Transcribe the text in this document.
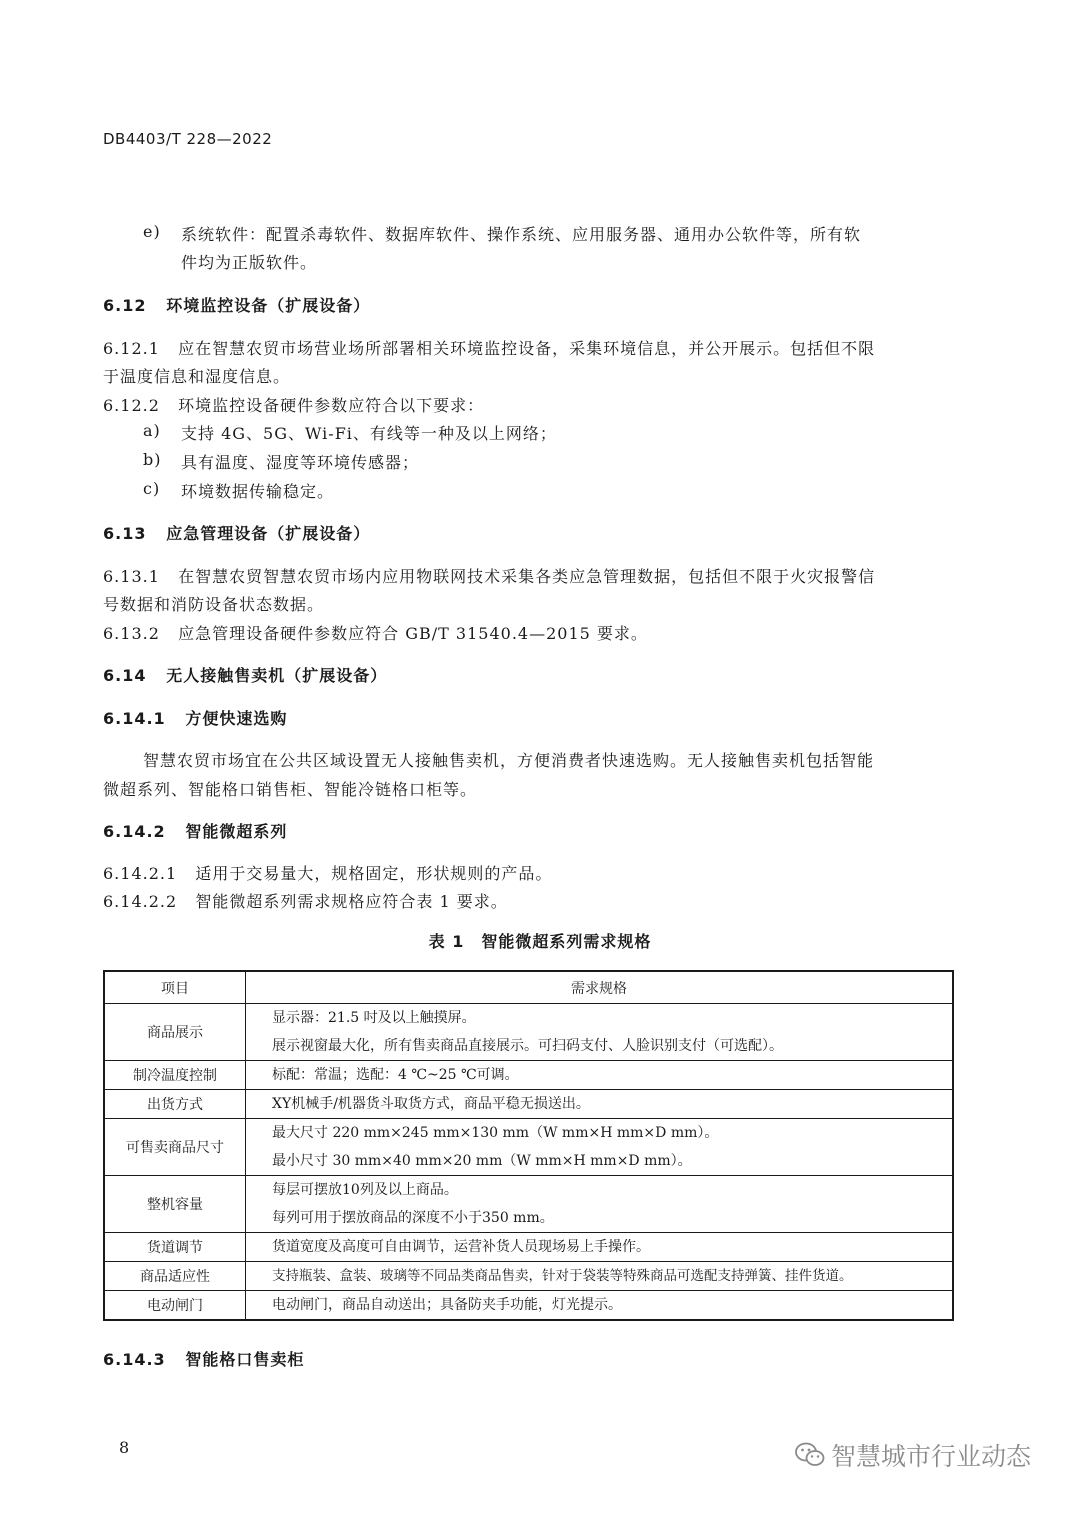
DB4403/T 228—2022
e) 系统软件：配置杀毒软件、数据库软件、操作系统、应用服务器、通用办公软件等，所有软
件均为正版软件。
6.12 环境监控设备（扩展设备）
6.12.1 应在智慧农贸市场营业场所部署相关环境监控设备，采集环境信息，并公开展示。包括但不限
于温度信息和湿度信息。
6.12.2 环境监控设备硬件参数应符合以下要求：
a) 支持 4G、5G、Wi-Fi、有线等一种及以上网络；
b) 具有温度、湿度等环境传感器；
c) 环境数据传输稳定。
6.13 应急管理设备（扩展设备）
6.13.1 在智慧农贸智慧农贸市场内应用物联网技术采集各类应急管理数据，包括但不限于火灾报警信
号数据和消防设备状态数据。
6.13.2 应急管理设备硬件参数应符合 GB/T 31540.4—2015 要求。
6.14 无人接触售卖机（扩展设备）
6.14.1 方便快速选购
智慧农贸市场宜在公共区域设置无人接触售卖机，方便消费者快速选购。无人接触售卖机包括智能
微超系列、智能格口销售柜、智能冷链格口柜等。
6.14.2 智能微超系列
6.14.2.1 适用于交易量大，规格固定，形状规则的产品。
6.14.2.2 智能微超系列需求规格应符合表 1 要求。
表 1　智能微超系列需求规格
项目	需求规格
商品展示	显示器：21.5 吋及以上触摸屏。
展示视窗最大化，所有售卖商品直接展示。可扫码支付、人脸识别支付（可选配）。

制冷温度控制	标配：常温；选配：4 ℃~25 ℃可调。

出货方式	XY机械手/机器货斗取货方式，商品平稳无损送出。

可售卖商品尺寸	最大尺寸 220 mm×245 mm×130 mm（W mm×H mm×D mm）。
最小尺寸 30 mm×40 mm×20 mm（W mm×H mm×D mm）。

整机容量	每层可摆放10列及以上商品。
每列可用于摆放商品的深度不小于350 mm。

货道调节	货道宽度及高度可自由调节，运营补货人员现场易上手操作。

商品适应性	支持瓶装、盒装、玻璃等不同品类商品售卖，针对于袋装等特殊商品可选配支持弹簧、挂件货道。

电动闸门	电动闸门，商品自动送出；具备防夹手功能，灯光提示。
6.14.3 智能格口售卖柜
8	智慧城市行业动态
